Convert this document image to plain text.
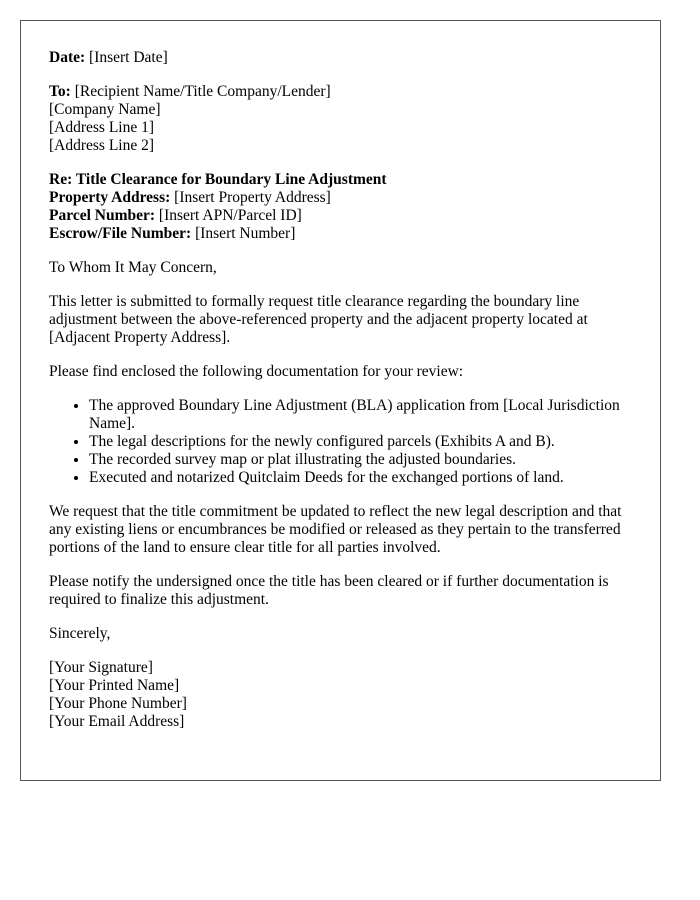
Date: [Insert Date]
To: [Recipient Name/Title Company/Lender]
[Company Name]
[Address Line 1]
[Address Line 2]
Re: Title Clearance for Boundary Line Adjustment
Property Address: [Insert Property Address]
Parcel Number: [Insert APN/Parcel ID]
Escrow/File Number: [Insert Number]

To Whom It May Concern,

This letter is submitted to formally request title clearance regarding the boundary line adjustment between the above-referenced property and the adjacent property located at [Adjacent Property Address].

Please find enclosed the following documentation for your review:

• The approved Boundary Line Adjustment (BLA) application from [Local Jurisdiction Name].
• The legal descriptions for the newly configured parcels (Exhibits A and B).
• The recorded survey map or plat illustrating the adjusted boundaries.
• Executed and notarized Quitclaim Deeds for the exchanged portions of land.

We request that the title commitment be updated to reflect the new legal description and that any existing liens or encumbrances be modified or released as they pertain to the transferred portions of the land to ensure clear title for all parties involved.

Please notify the undersigned once the title has been cleared or if further documentation is required to finalize this adjustment.

Sincerely,

[Your Signature]
[Your Printed Name]
[Your Phone Number]
[Your Email Address]
